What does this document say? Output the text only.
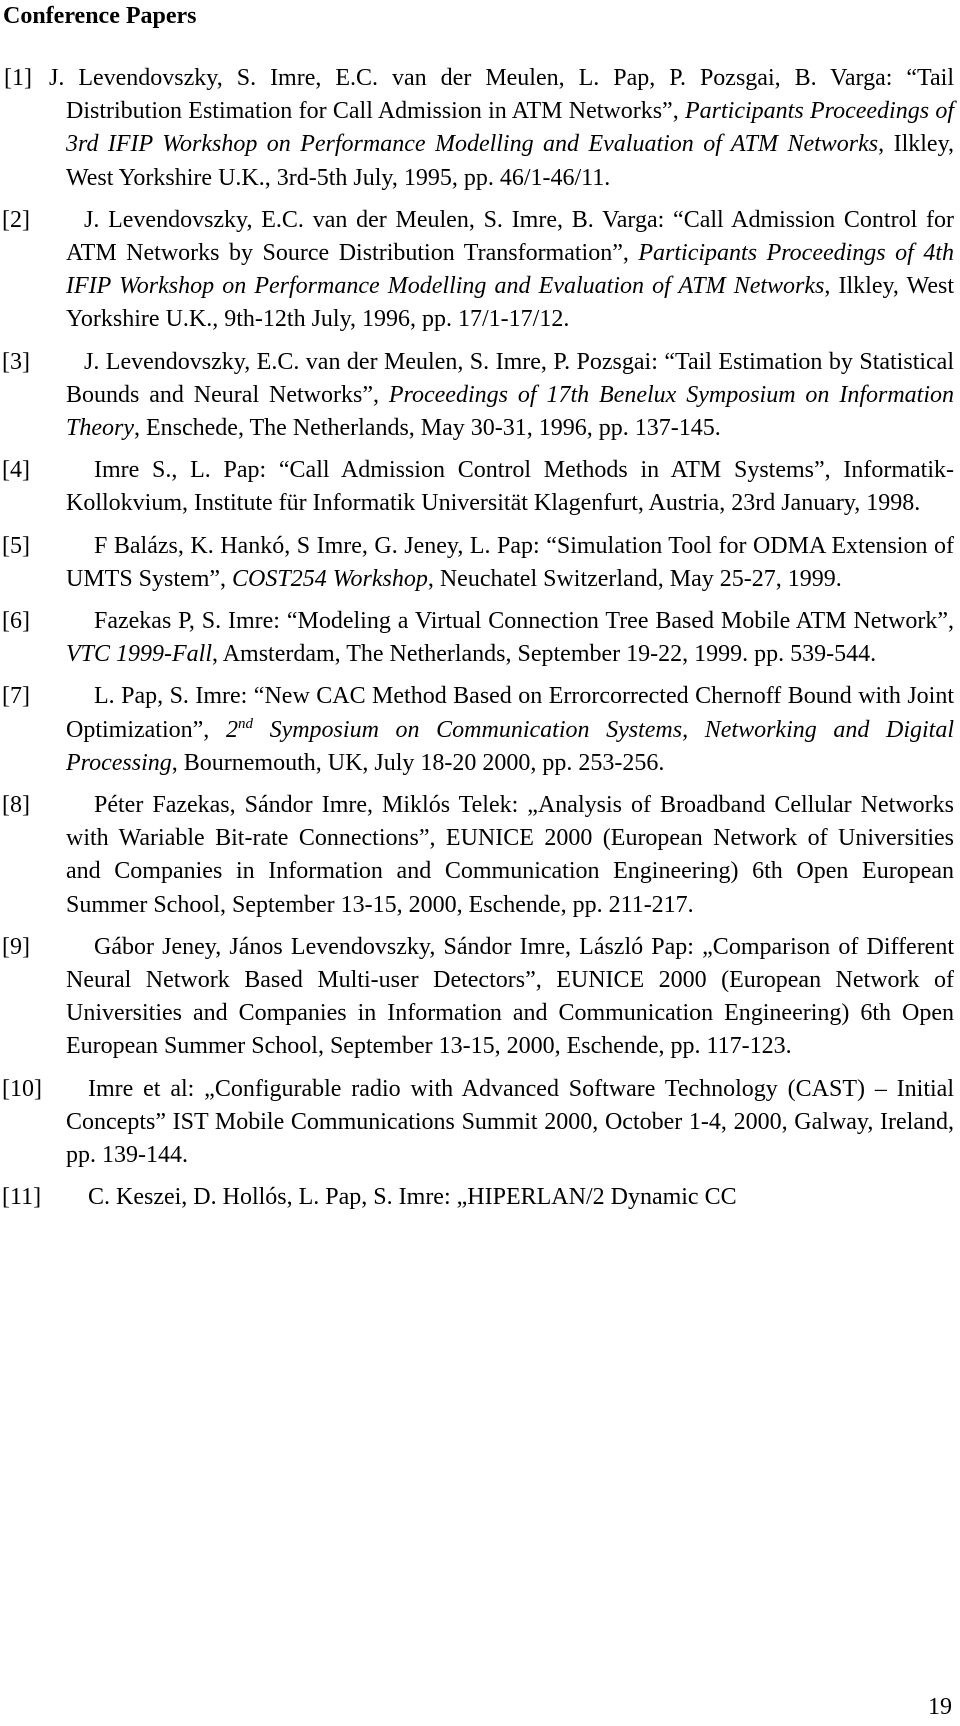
Conference Papers

[1] J. Levendovszky, S. Imre, E.C. van der Meulen, L. Pap, P. Pozsgai, B. Varga: “Tail Distribution Estimation for Call Admission in ATM Networks”, Participants Proceedings of 3rd IFIP Workshop on Performance Modelling and Evaluation of ATM Networks, Ilkley, West Yorkshire U.K., 3rd-5th July, 1995, pp. 46/1-46/11.

[2] J. Levendovszky, E.C. van der Meulen, S. Imre, B. Varga: “Call Admission Control for ATM Networks by Source Distribution Transformation”, Participants Proceedings of 4th IFIP Workshop on Performance Modelling and Evaluation of ATM Networks, Ilkley, West Yorkshire U.K., 9th-12th July, 1996, pp. 17/1-17/12.

[3] J. Levendovszky, E.C. van der Meulen, S. Imre, P. Pozsgai: “Tail Estimation by Statistical Bounds and Neural Networks”, Proceedings of 17th Benelux Symposium on Information Theory, Enschede, The Netherlands, May 30-31, 1996, pp. 137-145.

[4]	Imre S., L. Pap: “Call Admission Control Methods in ATM Systems”, Informatik-Kollokvium, Institute für Informatik Universität Klagenfurt, Austria, 23rd January, 1998.

[5]	F Balázs, K. Hankó, S Imre, G. Jeney, L. Pap: “Simulation Tool for ODMA Extension of UMTS System”, COST254 Workshop, Neuchatel Switzerland, May 25-27, 1999.

[6]	Fazekas P, S. Imre: “Modeling a Virtual Connection Tree Based Mobile ATM Network”, VTC 1999-Fall, Amsterdam, The Netherlands, September 19-22, 1999. pp. 539-544.

[7]	L. Pap, S. Imre: “New CAC Method Based on Errorcorrected Chernoff Bound with Joint Optimization”, 2nd Symposium on Communication Systems, Networking and Digital Processing, Bournemouth, UK, July 18-20 2000, pp. 253-256.

[8]	Péter Fazekas, Sándor Imre, Miklós Telek: „Analysis of Broadband Cellular Networks with Wariable Bit-rate Connections”, EUNICE 2000 (European Network of Universities and Companies in Information and Communication Engineering) 6th Open European Summer School, September 13-15, 2000, Eschende, pp. 211-217.

[9]	Gábor Jeney, János Levendovszky, Sándor Imre, László Pap: „Comparison of Different Neural Network Based Multi-user Detectors”, EUNICE 2000 (European Network of Universities and Companies in Information and Communication Engineering) 6th Open European Summer School, September 13-15, 2000, Eschende, pp. 117-123.

[10] Imre et al: „Configurable radio with Advanced Software Technology (CAST) – Initial Concepts” IST Mobile Communications Summit 2000, October 1-4, 2000, Galway, Ireland, pp. 139-144.

[11] C. Keszei, D. Hollós, L. Pap, S. Imre: „HIPERLAN/2 Dynamic CC

19
